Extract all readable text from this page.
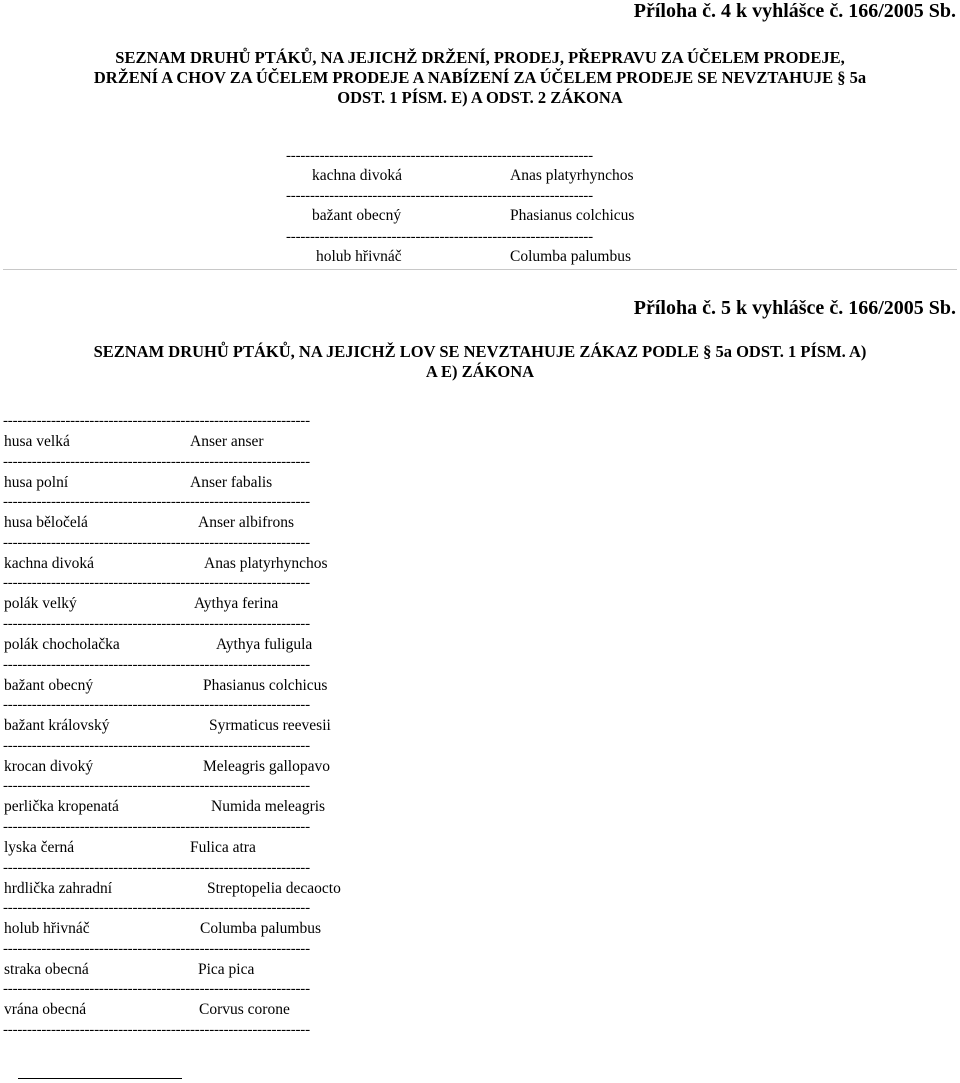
Příloha č. 4 k vyhlášce č. 166/2005 Sb.
SEZNAM DRUHŮ PTÁKŮ, NA JEJICHŽ DRŽENÍ, PRODEJ, PŘEPRAVU ZA ÚČELEM PRODEJE,
DRŽENÍ A CHOV ZA ÚČELEM PRODEJE A NABÍZENÍ ZA ÚČELEM PRODEJE SE NEVZTAHUJE § 5a
ODST. 1 PÍSM. E) A ODST. 2 ZÁKONA
----------------------------------------------------------------
kachna divoká	Anas platyrhynchos
----------------------------------------------------------------
bažant obecný	Phasianus colchicus
----------------------------------------------------------------
holub hřivnáč	Columba palumbus
Příloha č. 5 k vyhlášce č. 166/2005 Sb.
SEZNAM DRUHŮ PTÁKŮ, NA JEJICHŽ LOV SE NEVZTAHUJE ZÁKAZ PODLE § 5a ODST. 1 PÍSM. A)
A E) ZÁKONA
----------------------------------------------------------------
husa velká	Anser anser
----------------------------------------------------------------
husa polní	Anser fabalis
----------------------------------------------------------------
husa běločelá	Anser albifrons
----------------------------------------------------------------
kachna divoká	Anas platyrhynchos
----------------------------------------------------------------
polák velký	Aythya ferina
----------------------------------------------------------------
polák chocholačka	Aythya fuligula
----------------------------------------------------------------
bažant obecný	Phasianus colchicus
----------------------------------------------------------------
bažant královský	Syrmaticus reevesii
----------------------------------------------------------------
krocan divoký	Meleagris gallopavo
----------------------------------------------------------------
perlička kropenatá	Numida meleagris
----------------------------------------------------------------
lyska černá	Fulica atra
----------------------------------------------------------------
hrdlička zahradní	Streptopelia decaocto
----------------------------------------------------------------
holub hřivnáč	Columba palumbus
----------------------------------------------------------------
straka obecná	Pica pica
----------------------------------------------------------------
vrána obecná	Corvus corone
----------------------------------------------------------------
